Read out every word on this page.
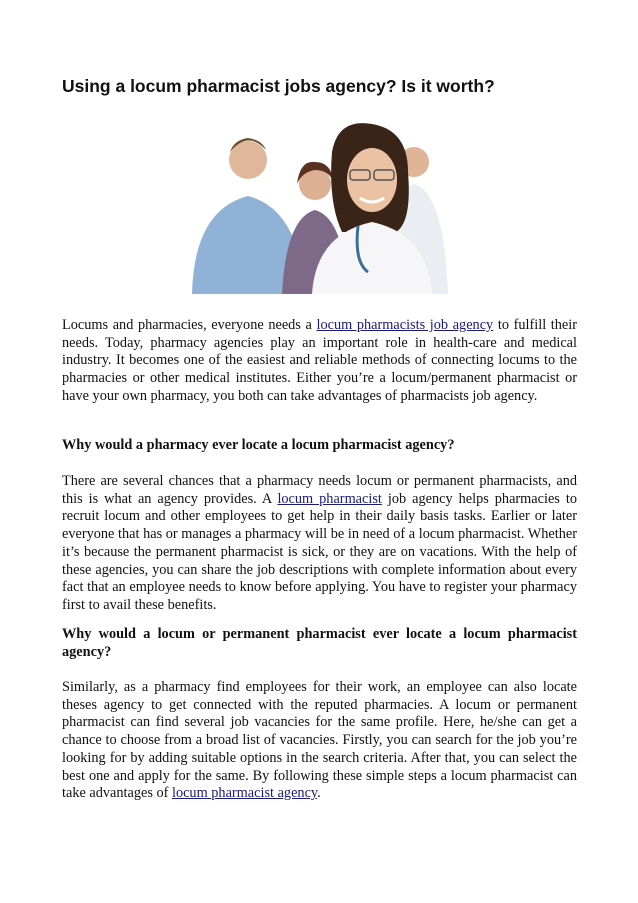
Using a locum pharmacist jobs agency? Is it worth?

Locums and pharmacies, everyone needs a locum pharmacists job agency to fulfill their needs. Today, pharmacy agencies play an important role in health-care and medical industry. It becomes one of the easiest and reliable methods of connecting locums to the pharmacies or other medical institutes. Either you’re a locum/permanent pharmacist or have your own pharmacy, you both can take advantages of pharmacists job agency.

Why would a pharmacy ever locate a locum pharmacist agency?

There are several chances that a pharmacy needs locum or permanent pharmacists, and this is what an agency provides. A locum pharmacist job agency helps pharmacies to recruit locum and other employees to get help in their daily basis tasks. Earlier or later everyone that has or manages a pharmacy will be in need of a locum pharmacist. Whether it’s because the permanent pharmacist is sick, or they are on vacations. With the help of these agencies, you can share the job descriptions with complete information about every fact that an employee needs to know before applying. You have to register your pharmacy first to avail these benefits.

Why would a locum or permanent pharmacist ever locate a locum pharmacist agency?

Similarly, as a pharmacy find employees for their work, an employee can also locate theses agency to get connected with the reputed pharmacies. A locum or permanent pharmacist can find several job vacancies for the same profile. Here, he/she can get a chance to choose from a broad list of vacancies. Firstly, you can search for the job you’re looking for by adding suitable options in the search criteria. After that, you can select the best one and apply for the same. By following these simple steps a locum pharmacist can take advantages of locum pharmacist agency.
